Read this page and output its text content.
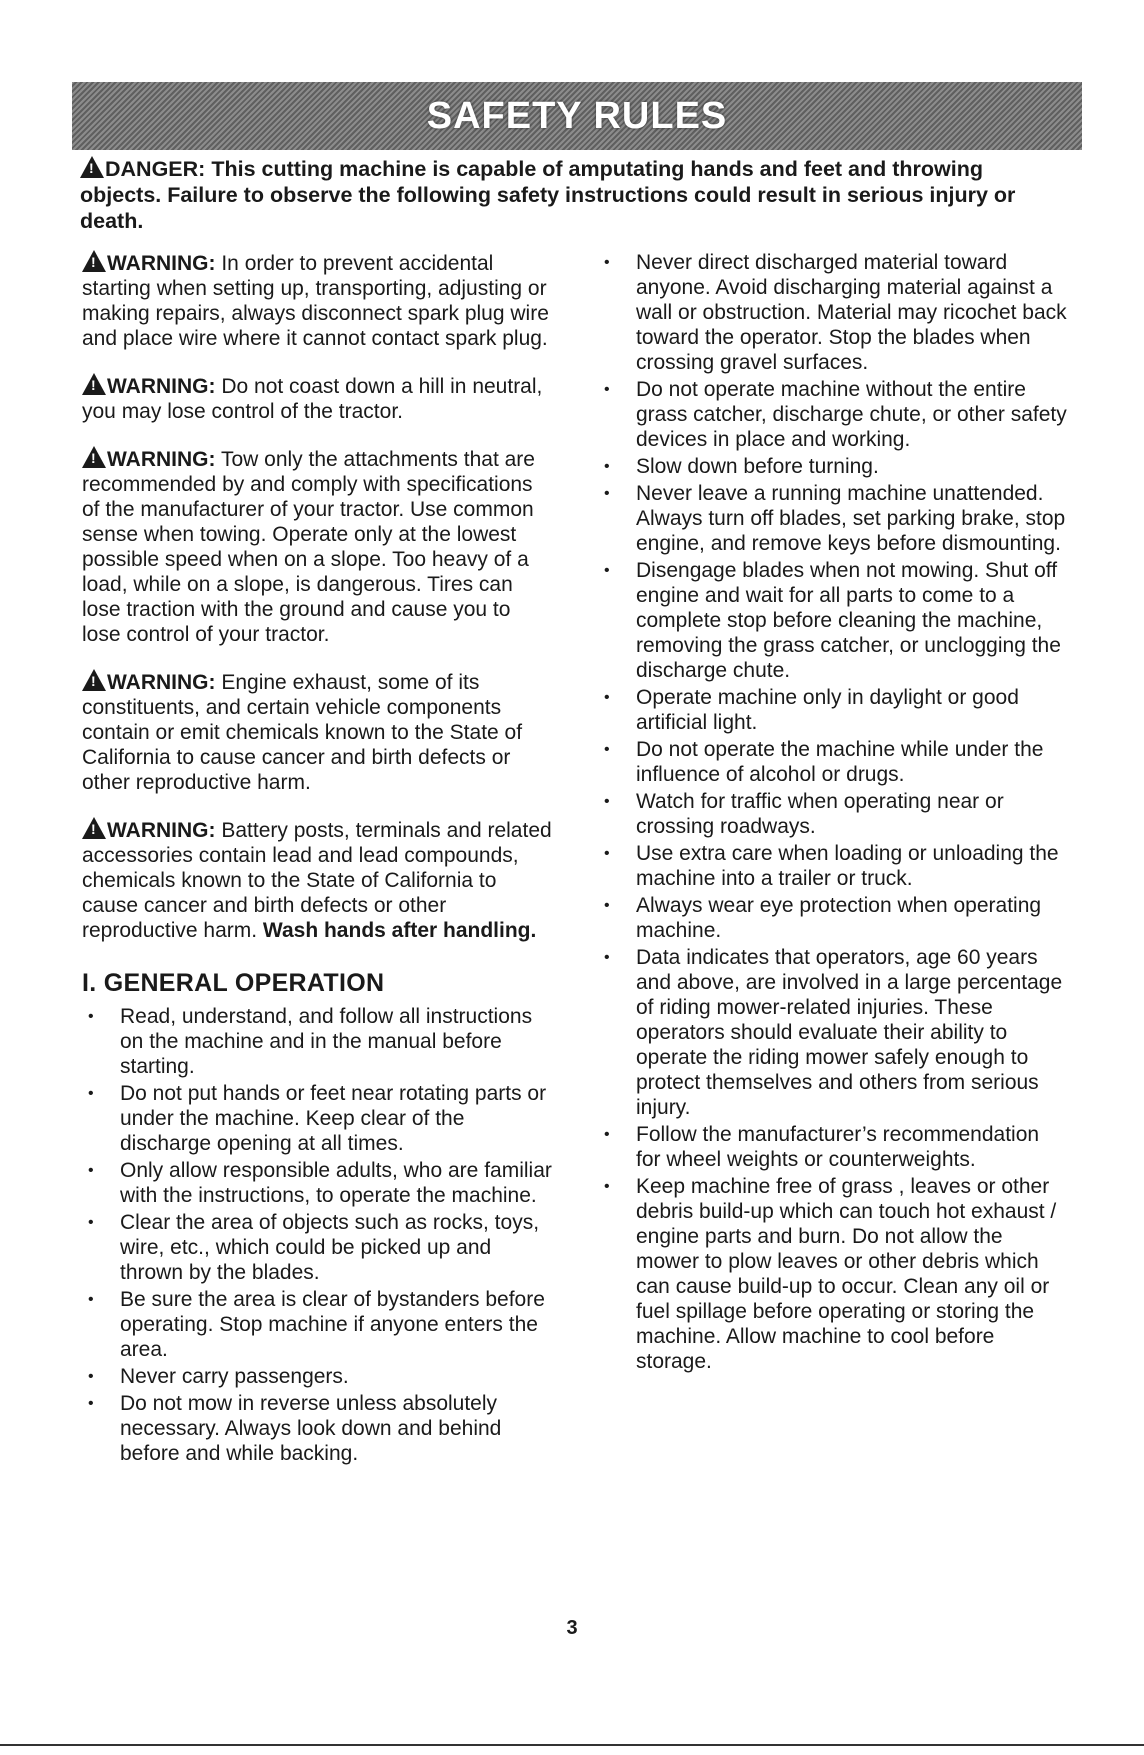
SAFETY RULES
!DANGER: This cutting machine is capable of amputating hands and feet and throwing objects. Failure to observe the following safety instructions could result in serious injury or death.

!WARNING: In order to prevent accidental starting when setting up, transporting, adjusting or making repairs, always disconnect spark plug wire and place wire where it cannot contact spark plug.

!WARNING: Do not coast down a hill in neutral, you may lose control of the tractor.

!WARNING: Tow only the attachments that are recommended by and comply with specifications of the manufacturer of your tractor. Use common sense when towing. Operate only at the lowest possible speed when on a slope. Too heavy of a load, while on a slope, is dangerous. Tires can lose traction with the ground and cause you to lose control of your tractor.

!WARNING: Engine exhaust, some of its constituents, and certain vehicle components contain or emit chemicals known to the State of California to cause cancer and birth defects or other reproductive harm.

!WARNING: Battery posts, terminals and related accessories contain lead and lead compounds, chemicals known to the State of California to cause cancer and birth defects or other reproductive harm. Wash hands after handling.

I. GENERAL OPERATION
• Read, understand, and follow all instructions on the machine and in the manual before starting.
• Do not put hands or feet near rotating parts or under the machine. Keep clear of the discharge opening at all times.
• Only allow responsible adults, who are familiar with the instructions, to operate the machine.
• Clear the area of objects such as rocks, toys, wire, etc., which could be picked up and thrown by the blades.
• Be sure the area is clear of bystanders before operating. Stop machine if anyone enters the area.
• Never carry passengers.
• Do not mow in reverse unless absolutely necessary. Always look down and behind before and while backing.
• Never direct discharged material toward anyone. Avoid discharging material against a wall or obstruction. Material may ricochet back toward the operator. Stop the blades when crossing gravel surfaces.
• Do not operate machine without the entire grass catcher, discharge chute, or other safety devices in place and working.
• Slow down before turning.
• Never leave a running machine unattended. Always turn off blades, set parking brake, stop engine, and remove keys before dismounting.
• Disengage blades when not mowing. Shut off engine and wait for all parts to come to a complete stop before cleaning the machine, removing the grass catcher, or unclogging the discharge chute.
• Operate machine only in daylight or good artificial light.
• Do not operate the machine while under the influence of alcohol or drugs.
• Watch for traffic when operating near or crossing roadways.
• Use extra care when loading or unloading the machine into a trailer or truck.
• Always wear eye protection when operating machine.
• Data indicates that operators, age 60 years and above, are involved in a large percentage of riding mower-related injuries. These operators should evaluate their ability to operate the riding mower safely enough to protect themselves and others from serious injury.
• Follow the manufacturer’s recommendation for wheel weights or counterweights.
• Keep machine free of grass , leaves or other debris build-up which can touch hot exhaust / engine parts and burn. Do not allow the mower to plow leaves or other debris which can cause build-up to occur. Clean any oil or fuel spillage before operating or storing the machine. Allow machine to cool before storage.
3
